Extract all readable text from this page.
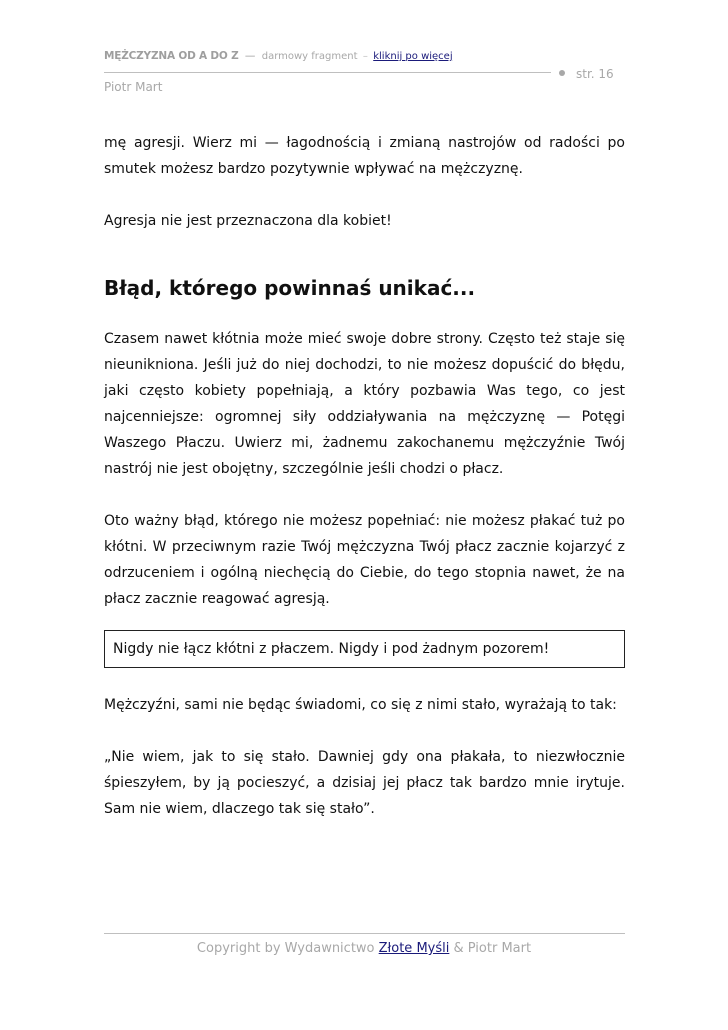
MĘŻCZYZNA OD A DO Z — darmowy fragment – kliknij po więcej
str. 16
Piotr Mart

mę agresji. Wierz mi — łagodnością i zmianą nastrojów od radości po smutek możesz bardzo pozytywnie wpływać na mężczyznę.

Agresja nie jest przeznaczona dla kobiet!

Błąd, którego powinnaś unikać...

Czasem nawet kłótnia może mieć swoje dobre strony. Często też staje się nieunikniona. Jeśli już do niej dochodzi, to nie możesz dopuścić do błędu, jaki często kobiety popełniają, a który pozbawia Was tego, co jest najcenniejsze: ogromnej siły oddziaływania na mężczyznę — Potęgi Waszego Płaczu. Uwierz mi, żadnemu zakochanemu mężczyźnie Twój nastrój nie jest obojętny, szczególnie jeśli chodzi o płacz.

Oto ważny błąd, którego nie możesz popełniać: nie możesz płakać tuż po kłótni. W przeciwnym razie Twój mężczyzna Twój płacz zacznie kojarzyć z odrzuceniem i ogólną niechęcią do Ciebie, do tego stopnia nawet, że na płacz zacznie reagować agresją.

Nigdy nie łącz kłótni z płaczem. Nigdy i pod żadnym pozorem!

Mężczyźni, sami nie będąc świadomi, co się z nimi stało, wyrażają to tak:

„Nie wiem, jak to się stało. Dawniej gdy ona płakała, to niezwłocznie śpieszyłem, by ją pocieszyć, a dzisiaj jej płacz tak bardzo mnie irytuje. Sam nie wiem, dlaczego tak się stało”.

Copyright by Wydawnictwo Złote Myśli & Piotr Mart
